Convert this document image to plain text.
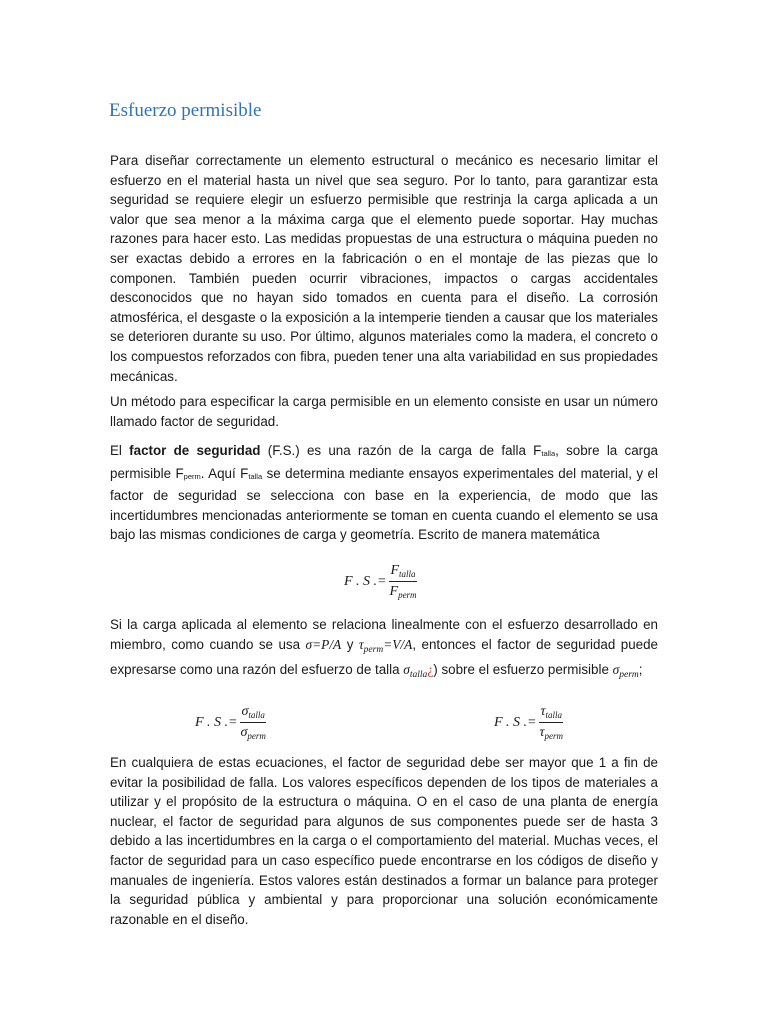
Esfuerzo permisible

Para diseñar correctamente un elemento estructural o mecánico es necesario limitar el esfuerzo en el material hasta un nivel que sea seguro. Por lo tanto, para garantizar esta seguridad se requiere elegir un esfuerzo permisible que restrinja la carga aplicada a un valor que sea menor a la máxima carga que el elemento puede soportar. Hay muchas razones para hacer esto. Las medidas propuestas de una estructura o máquina pueden no ser exactas debido a errores en la fabricación o en el montaje de las piezas que lo componen. También pueden ocurrir vibraciones, impactos o cargas accidentales desconocidos que no hayan sido tomados en cuenta para el diseño. La corrosión atmosférica, el desgaste o la exposición a la intemperie tienden a causar que los materiales se deterioren durante su uso. Por último, algunos materiales como la madera, el concreto o los compuestos reforzados con fibra, pueden tener una alta variabilidad en sus propiedades mecánicas.

Un método para especificar la carga permisible en un elemento consiste en usar un número llamado factor de seguridad.

El factor de seguridad (F.S.) es una razón de la carga de falla $F_{talla}$, sobre la carga permisible $F_{perm}$. Aquí $F_{talla}$ se determina mediante ensayos experimentales del material, y el factor de seguridad se selecciona con base en la experiencia, de modo que las incertidumbres mencionadas anteriormente se toman en cuenta cuando el elemento se usa bajo las mismas condiciones de carga y geometría. Escrito de manera matemática

F . S .= $\frac{F_{talla}}{F_{perm}}$

Si la carga aplicada al elemento se relaciona linealmente con el esfuerzo desarrollado en miembro, como cuando se usa σ=P/A y $\tau_{perm}=V/A$, entonces el factor de seguridad puede expresarse como una razón del esfuerzo de talla $\sigma_{talla}¿$) sobre el esfuerzo permisible $\sigma_{perm}$;

F . S .= $\frac{\sigma_{talla}}{\sigma_{perm}}$	F . S .= $\frac{\tau_{talla}}{\tau_{perm}}$

En cualquiera de estas ecuaciones, el factor de seguridad debe ser mayor que 1 a fin de evitar la posibilidad de falla. Los valores específicos dependen de los tipos de materiales a utilizar y el propósito de la estructura o máquina. O en el caso de una planta de energía nuclear, el factor de seguridad para algunos de sus componentes puede ser de hasta 3 debido a las incertidumbres en la carga o el comportamiento del material. Muchas veces, el factor de seguridad para un caso específico puede encontrarse en los códigos de diseño y manuales de ingeniería. Estos valores están destinados a formar un balance para proteger la seguridad pública y ambiental y para proporcionar una solución económicamente razonable en el diseño.
